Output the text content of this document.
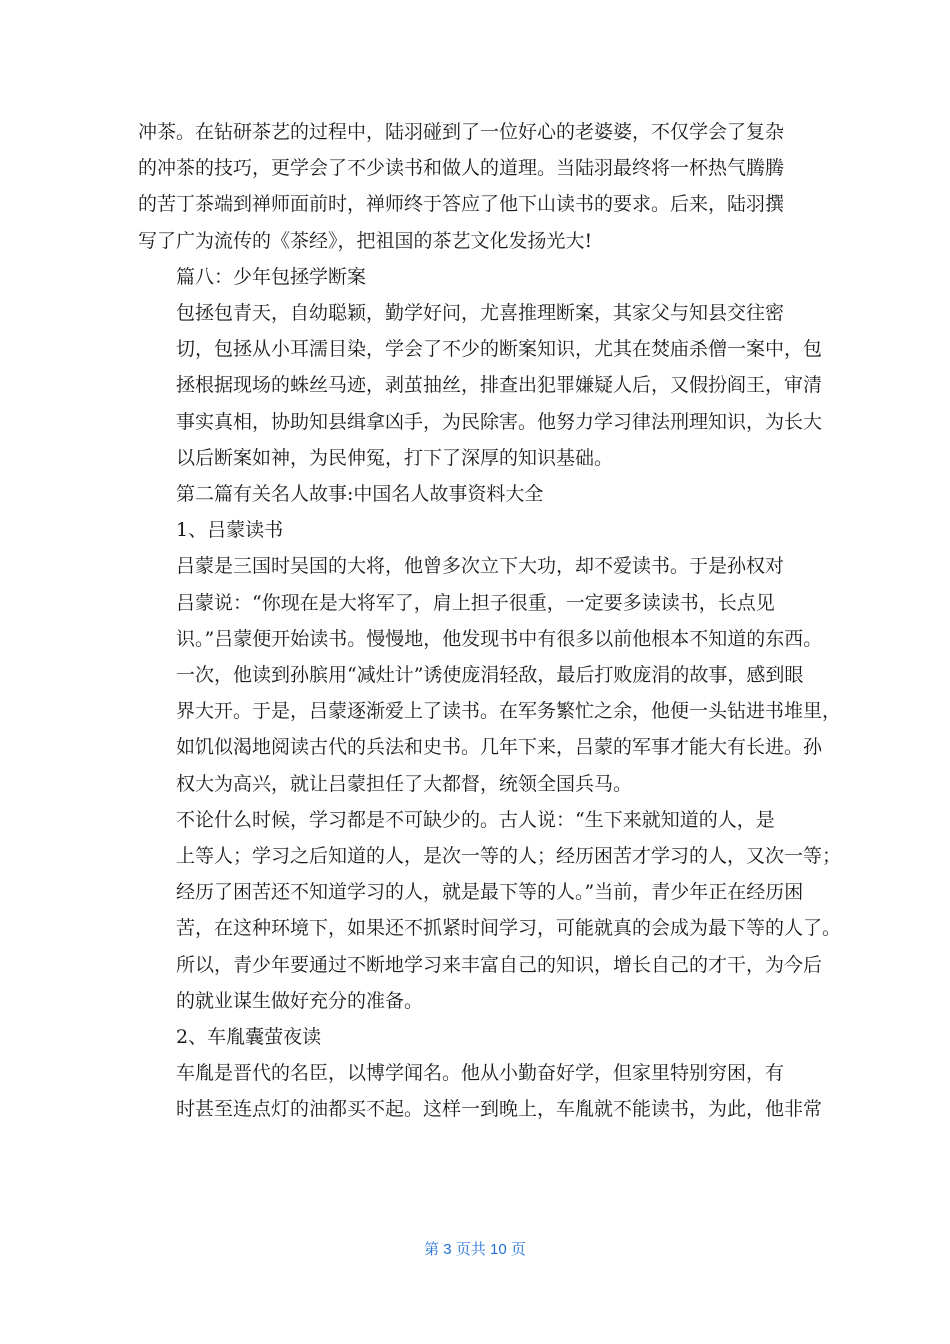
冲茶。在钻研茶艺的过程中，陆羽碰到了一位好心的老婆婆，不仅学会了复杂
的冲茶的技巧，更学会了不少读书和做人的道理。当陆羽最终将一杯热气腾腾
的苦丁茶端到禅师面前时，禅师终于答应了他下山读书的要求。后来，陆羽撰
写了广为流传的《茶经》，把祖国的茶艺文化发扬光大!

篇八：少年包拯学断案

包拯包青天，自幼聪颖，勤学好问，尤喜推理断案，其家父与知县交往密
切，包拯从小耳濡目染，学会了不少的断案知识，尤其在焚庙杀僧一案中，包
拯根据现场的蛛丝马迹，剥茧抽丝，排查出犯罪嫌疑人后，又假扮阎王，审清
事实真相，协助知县缉拿凶手，为民除害。他努力学习律法刑理知识，为长大
以后断案如神，为民伸冤，打下了深厚的知识基础。

第二篇有关名人故事:中国名人故事资料大全

1、吕蒙读书

吕蒙是三国时吴国的大将，他曾多次立下大功，却不爱读书。于是孙权对
吕蒙说：“你现在是大将军了，肩上担子很重，一定要多读读书，长点见
识。”吕蒙便开始读书。慢慢地，他发现书中有很多以前他根本不知道的东西。
一次，他读到孙膑用“减灶计”诱使庞涓轻敌，最后打败庞涓的故事，感到眼
界大开。于是，吕蒙逐渐爱上了读书。在军务繁忙之余，他便一头钻进书堆里，
如饥似渴地阅读古代的兵法和史书。几年下来，吕蒙的军事才能大有长进。孙
权大为高兴，就让吕蒙担任了大都督，统领全国兵马。

不论什么时候，学习都是不可缺少的。古人说：“生下来就知道的人，是
上等人；学习之后知道的人，是次一等的人；经历困苦才学习的人，又次一等；
经历了困苦还不知道学习的人，就是最下等的人。”当前，青少年正在经历困
苦，在这种环境下，如果还不抓紧时间学习，可能就真的会成为最下等的人了。
所以，青少年要通过不断地学习来丰富自己的知识，增长自己的才干，为今后
的就业谋生做好充分的准备。

2、车胤囊萤夜读

车胤是晋代的名臣，以博学闻名。他从小勤奋好学，但家里特别穷困，有
时甚至连点灯的油都买不起。这样一到晚上，车胤就不能读书，为此，他非常

第 3 页共 10 页
